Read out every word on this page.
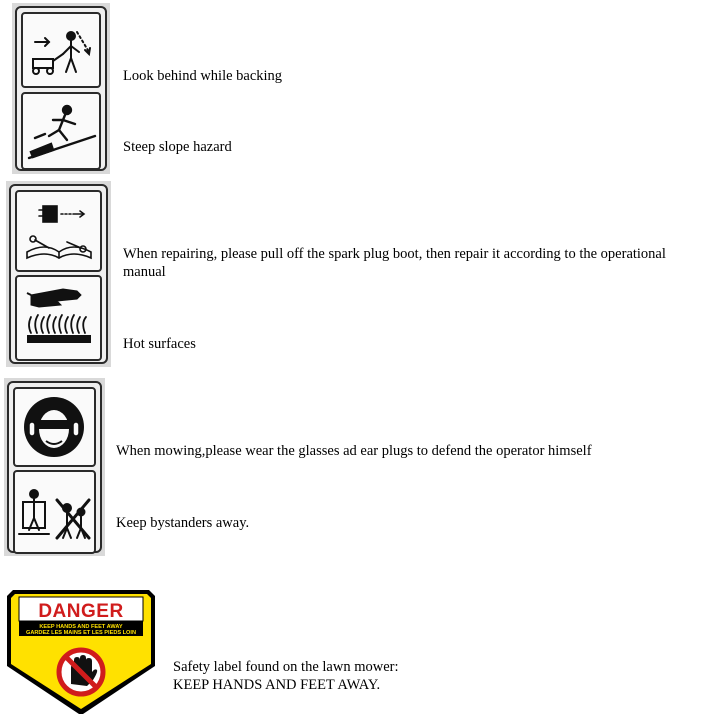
Look behind while backing
Steep slope hazard
When repairing, please pull off the spark plug boot, then repair it according to the operational manual
Hot surfaces
When mowing,please wear the glasses ad ear plugs to defend the operator himself
Keep bystanders away.
DANGER
KEEP HANDS AND FEET AWAY
GARDEZ LES MAINS ET LES PIEDS LOIN
Safety label found on the lawn mower:
KEEP HANDS AND FEET AWAY.
